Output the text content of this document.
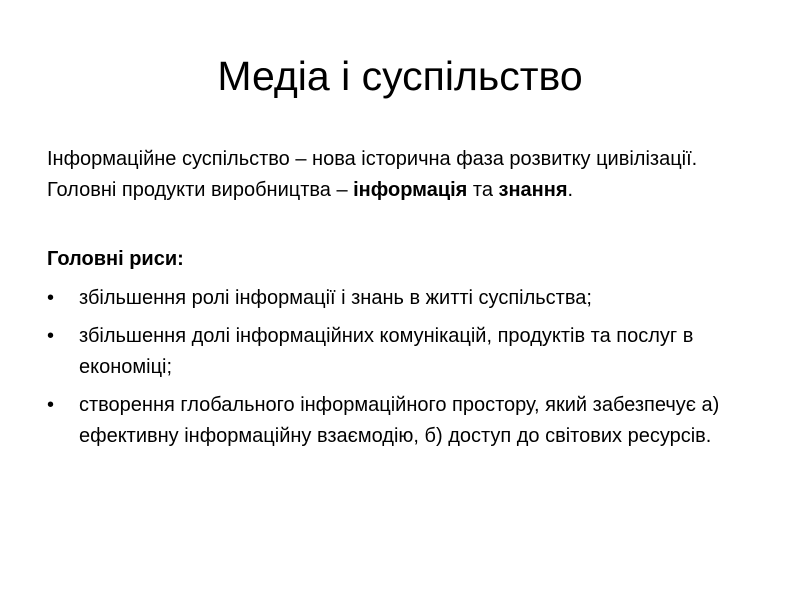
Медіа і суспільство

Інформаційне суспільство – нова історична фаза розвитку цивілізації. Головні продукти виробництва – інформація та знання.

Головні риси:

•	збільшення ролі інформації і знань в житті суспільства;
•	збільшення долі інформаційних комунікацій, продуктів та послуг в економіці;
•	створення глобального інформаційного простору, який забезпечує а) ефективну інформаційну взаємодію, б) доступ до світових ресурсів.
